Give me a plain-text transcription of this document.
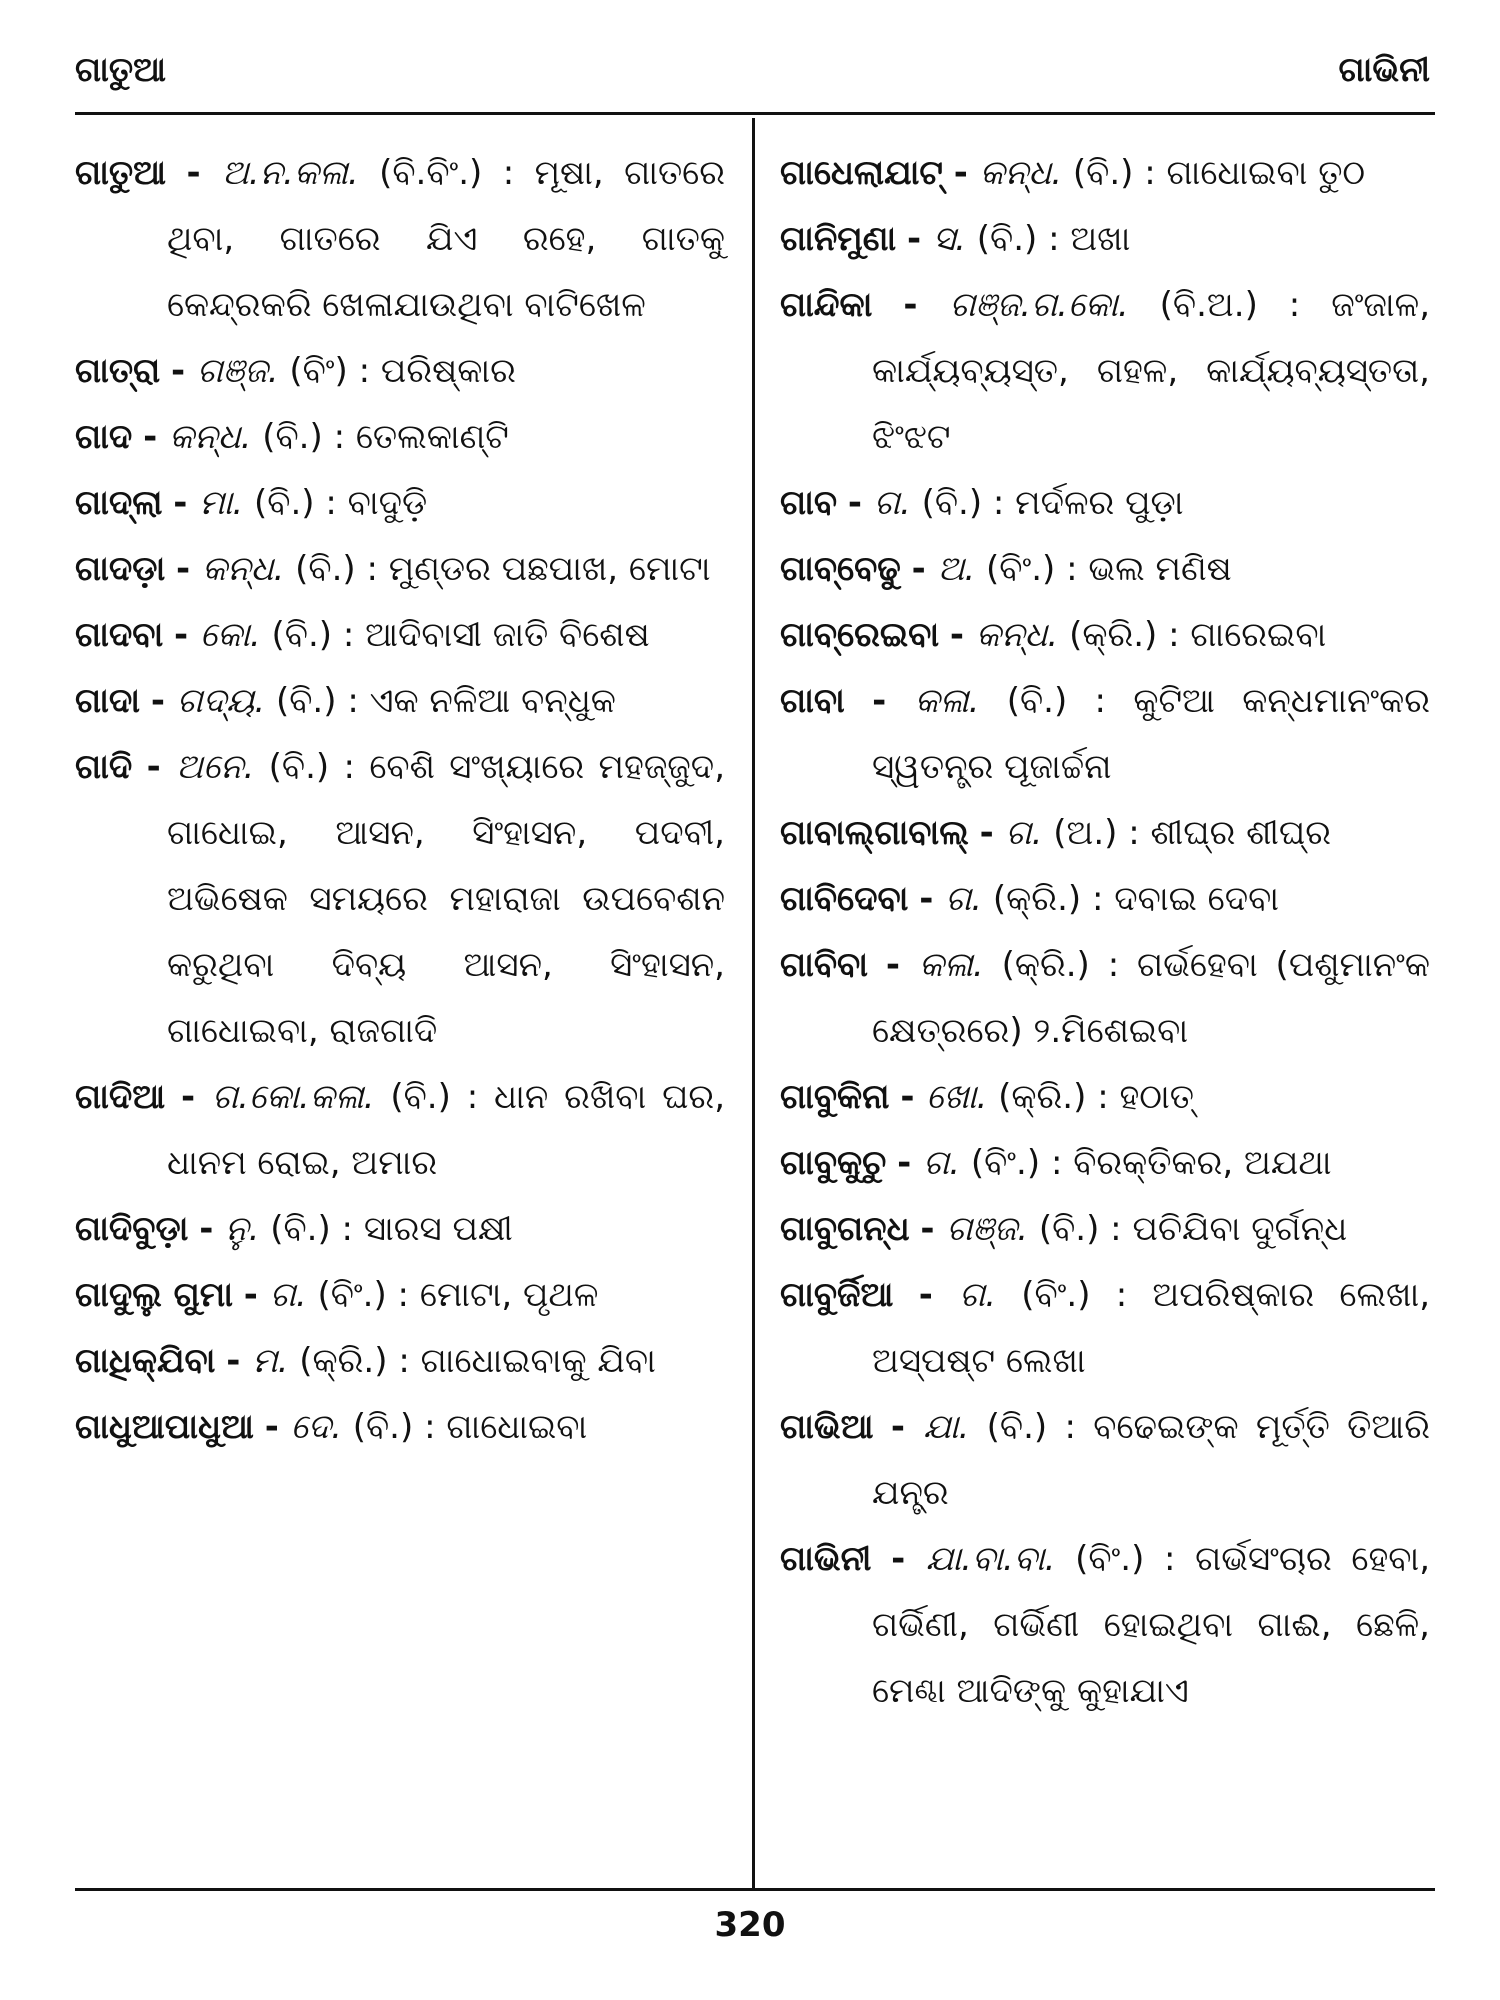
ଗାତୁଆ	ଗାଭିନୀ
ଗାତୁଆ - ଅ.ନ.କଳା. (ବି.ବିଂ.) : ମୂଷା, ଗାତରେ ଥିବା, ଗାତରେ ଯିଏ ରହେ, ଗାତକୁ କେନ୍ଦ୍ରକରି ଖେଳାଯାଉଥିବା ବାଟିଖେଳ
ଗାତ୍ରା - ଗଞ୍ଜ. (ବିଂ) : ପରିଷ୍କାର
ଗାଦ - କନ୍ଧ. (ବି.) : ତେଲକାଣ୍ଟି
ଗାଦ୍‌ଲା - ମା. (ବି.) : ବାଦୁଡ଼ି
ଗାଦଡ଼ା - କନ୍ଧ. (ବି.) : ମୁଣ୍ଡର ପଛପାଖ, ମୋଟା
ଗାଦବା - କୋ. (ବି.) : ଆଦିବାସୀ ଜାତି ବିଶେଷ
ଗାଦା - ଗଦ୍ୟ. (ବି.) : ଏକ ନଳିଆ ବନ୍ଧୁକ
ଗାଦି - ଅନେ. (ବି.) : ବେଶି ସଂଖ୍ୟାରେ ମହଜ୍ଜୁଦ, ଗାଧୋଇ, ଆସନ, ସିଂହାସନ, ପଦବୀ, ଅଭିଷେକ ସମୟରେ ମହାରାଜା ଉପବେଶନ କରୁଥିବା ଦିବ୍ୟ ଆସନ, ସିଂହାସନ, ଗାଧୋଇବା, ରାଜଗାଦି
ଗାଦିଆ - ଗ.କୋ.କଳା. (ବି.) : ଧାନ ରଖିବା ଘର, ଧାନମ ରୋଇ, ଅମାର
ଗାଦିବୁଡ଼ା - ନୁ. (ବି.) : ସାରସ ପକ୍ଷୀ
ଗାଦୁଲୁ ଗୁମା - ଗ. (ବିଂ.) : ମୋଟା, ପୃଥଳ
ଗାଧିକ୍‌ଯିବା - ମ. (କ୍ରି.) : ଗାଧୋଇବାକୁ ଯିବା
ଗାଧୁଆପାଧୁଆ - ଦେ. (ବି.) : ଗାଧୋଇବା
ଗାଧେଲାଯାଟ୍ - କନ୍ଧ. (ବି.) : ଗାଧୋଇବା ତୁଠ
ଗାନିମୁଣା - ସ. (ବି.) : ଅଖା
ଗାନ୍ଦିକା - ଗଞ୍ଜ.ଗ.କୋ. (ବି.ଅ.) : ଜଂଜାଳ, କାର୍ଯ୍ୟବ୍ୟସ୍ତ, ଗହଳ, କାର୍ଯ୍ୟବ୍ୟସ୍ତତା, ଝିଂଝଟ
ଗାବ - ଗ. (ବି.) : ମର୍ଦଳର ପୁଡ଼ା
ଗାବ୍‌ବେଢୁ - ଅ. (ବିଂ.) : ଭଲ ମଣିଷ
ଗାବ୍‌ରେଇବା - କନ୍ଧ. (କ୍ରି.) : ଗାରେଇବା
ଗାବା - କଳା. (ବି.) : କୁଟିଆ କନ୍ଧମାନଂକର ସ୍ୱତନ୍ତ୍ର ପୂଜାର୍ଚ୍ଚନା
ଗାବାଲ୍‌ଗାବାଲ୍ - ଗ. (ଅ.) : ଶୀଘ୍ର ଶୀଘ୍ର
ଗାବିଦେବା - ଗ. (କ୍ରି.) : ଦବାଇ ଦେବା
ଗାବିବା - କଳା. (କ୍ରି.) : ଗର୍ଭହେବା (ପଶୁମାନଂକ କ୍ଷେତ୍ରରେ) ୨.ମିଶେଇବା
ଗାବୁକିନା - ଖୋ. (କ୍ରି.) : ହଠାତ୍
ଗାବୁକୁଚୁ - ଗ. (ବିଂ.) : ବିରକ୍ତିକର, ଅଯଥା
ଗାବୁଗନ୍ଧ - ଗଞ୍ଜ. (ବି.) : ପଚିଯିବା ଦୁର୍ଗନ୍ଧ
ଗାବୁର୍ଜିଆ - ଗ. (ବିଂ.) : ଅପରିଷ୍କାର ଲେଖା, ଅସ୍ପଷ୍ଟ ଲେଖା
ଗାଭିଆ - ଯା. (ବି.) : ବଢେଇଙ୍କ ମୂର୍ତ୍ତି ତିଆରି ଯନ୍ତ୍ର
ଗାଭିନୀ - ଯା.ବା.ବା. (ବିଂ.) : ଗର୍ଭସଂଚାର ହେବା, ଗର୍ଭିଣୀ, ଗର୍ଭିଣୀ ହୋଇଥିବା ଗାଈ, ଛେଳି, ମେଣ୍ଢା ଆଦିଙ୍କୁ କୁହାଯାଏ
320
